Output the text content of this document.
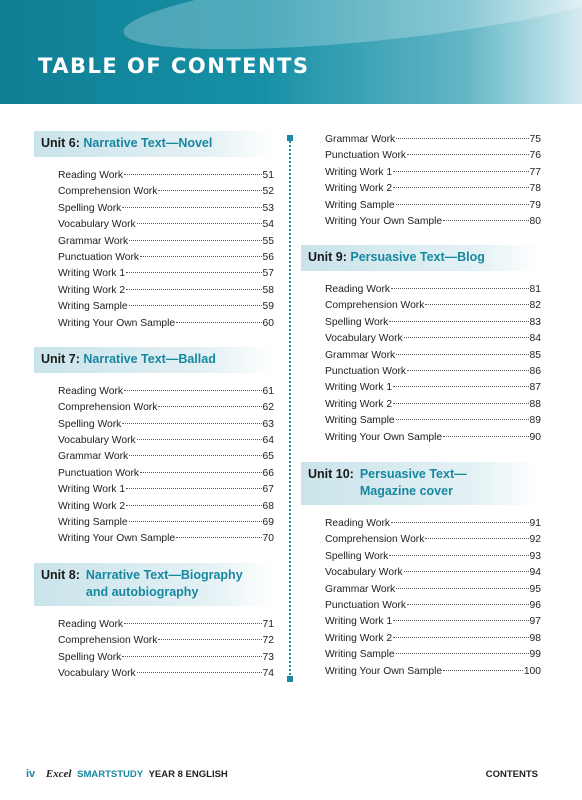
TABLE OF CONTENTS
Unit 6: Narrative Text—Novel
Reading Work	51
Comprehension Work	52
Spelling Work	53
Vocabulary Work	54
Grammar Work	55
Punctuation Work	56
Writing Work 1	57
Writing Work 2	58
Writing Sample	59
Writing Your Own Sample	60
Unit 7: Narrative Text—Ballad
Reading Work	61
Comprehension Work	62
Spelling Work	63
Vocabulary Work	64
Grammar Work	65
Punctuation Work	66
Writing Work 1	67
Writing Work 2	68
Writing Sample	69
Writing Your Own Sample	70
Unit 8: Narrative Text—Biography
and autobiography
Reading Work	71
Comprehension Work	72
Spelling Work	73
Vocabulary Work	74
Grammar Work	75
Punctuation Work	76
Writing Work 1	77
Writing Work 2	78
Writing Sample	79
Writing Your Own Sample	80
Unit 9: Persuasive Text—Blog
Reading Work	81
Comprehension Work	82
Spelling Work	83
Vocabulary Work	84
Grammar Work	85
Punctuation Work	86
Writing Work 1	87
Writing Work 2	88
Writing Sample	89
Writing Your Own Sample	90
Unit 10: Persuasive Text—
Magazine cover
Reading Work	91
Comprehension Work	92
Spelling Work	93
Vocabulary Work	94
Grammar Work	95
Punctuation Work	96
Writing Work 1	97
Writing Work 2	98
Writing Sample	99
Writing Your Own Sample	100
iv Excel SMARTSTUDY YEAR 8 ENGLISH	CONTENTS
